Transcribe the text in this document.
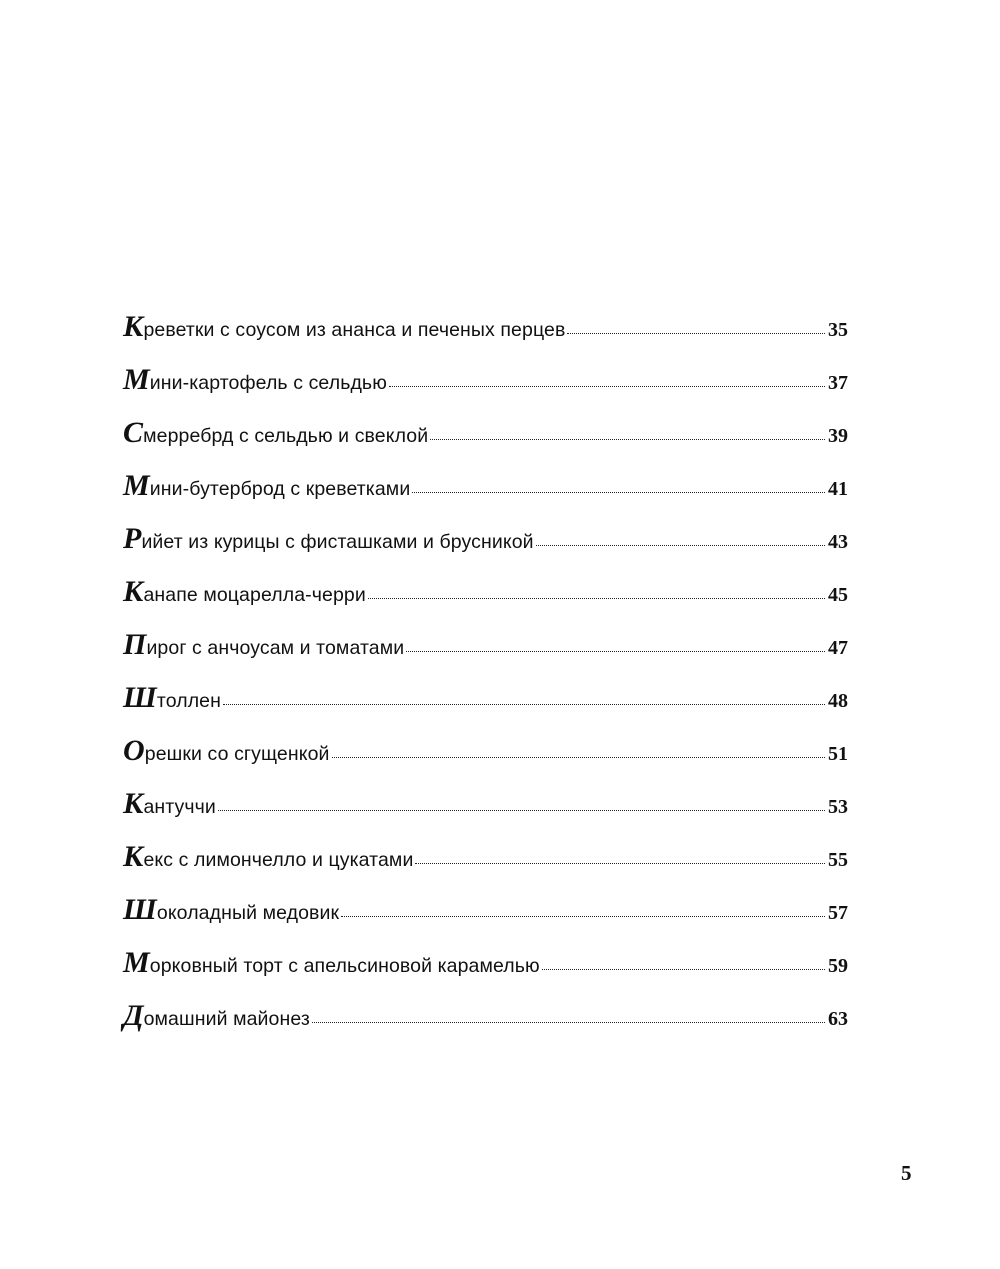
Креветки с соусом из ананса и печеных перцев	35
Мини-картофель с сельдью	37
Смерребрд с сельдью и свеклой	39
Мини-бутерброд с креветками	41
Рийет из курицы с фисташками и брусникой	43
Канапе моцарелла-черри	45
Пирог с анчоусам и томатами	47
Штоллен	48
Орешки со сгущенкой	51
Кантуччи	53
Кекс с лимончелло и цукатами	55
Шоколадный медовик	57
Морковный торт с апельсиновой карамелью	59
Домашний майонез	63
5
